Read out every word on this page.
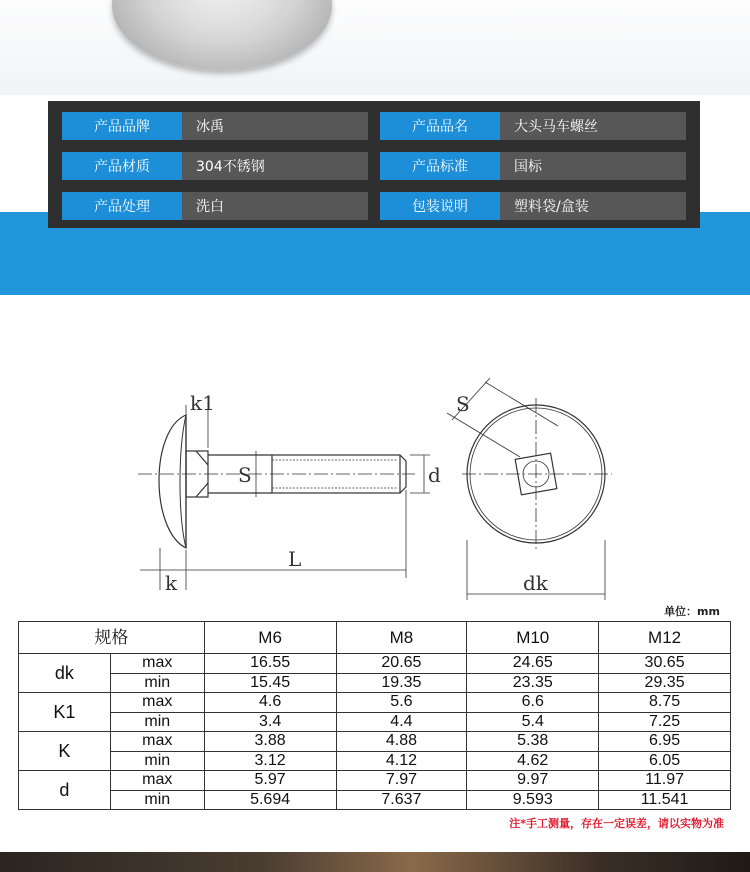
产品品牌	冰禹	产品品名	大头马车螺丝
产品材质	304不锈钢	产品标准	国标
产品处理	洗白	包装说明	塑料袋/盒装
k1
S	d
L
k
S
dk
单位：mm
规格		M6	M8	M10	M12
dk	max	16.55	20.65	24.65	30.65
	min	15.45	19.35	23.35	29.35
K1	max	4.6	5.6	6.6	8.75
	min	3.4	4.4	5.4	7.25
K	max	3.88	4.88	5.38	6.95
	min	3.12	4.12	4.62	6.05
d	max	5.97	7.97	9.97	11.97
	min	5.694	7.637	9.593	11.541
注*手工测量，存在一定误差，请以实物为准
